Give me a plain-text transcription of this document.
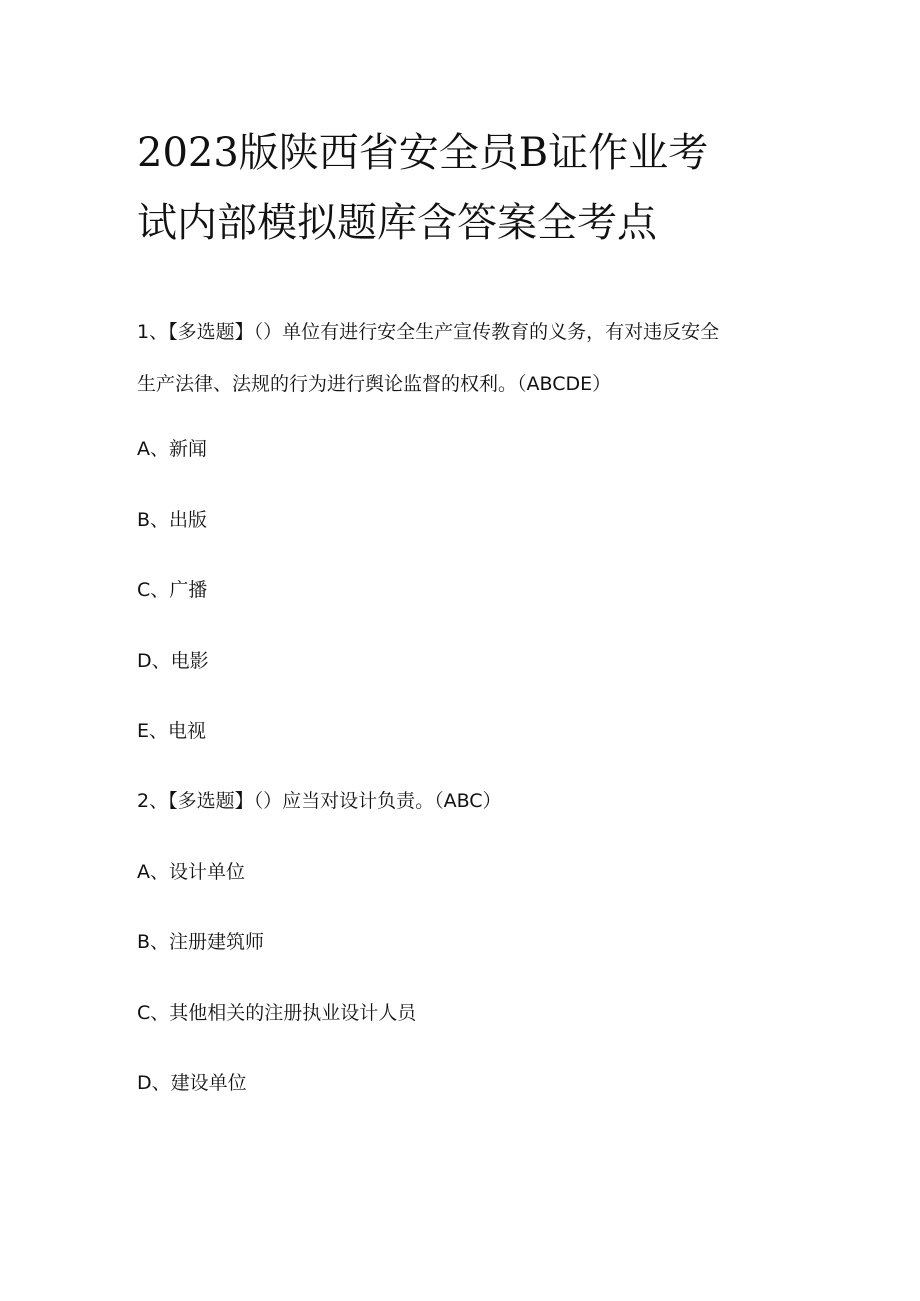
2023版陕西省安全员B证作业考
试内部模拟题库含答案全考点
1、【多选题】（）单位有进行安全生产宣传教育的义务，有对违反安全
生产法律、法规的行为进行舆论监督的权利。（ABCDE）
A、新闻
B、出版
C、广播
D、电影
E、电视
2、【多选题】（）应当对设计负责。（ABC）
A、设计单位
B、注册建筑师
C、其他相关的注册执业设计人员
D、建设单位
